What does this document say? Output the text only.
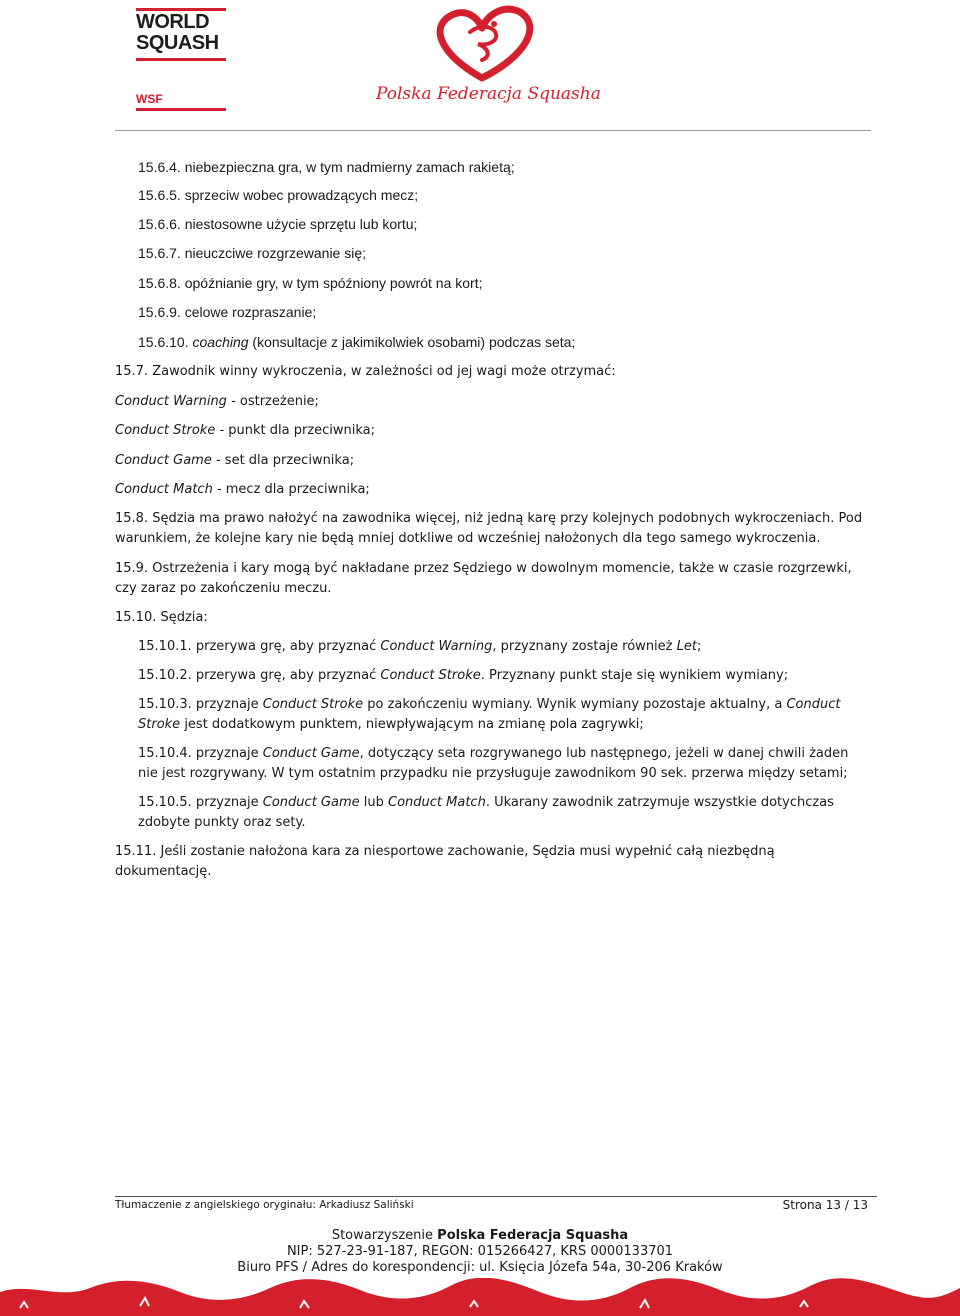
WORLD
SQUASH
WSF	Polska Federacja Squasha
15.6.4. niebezpieczna gra, w tym nadmierny zamach rakietą;
15.6.5. sprzeciw wobec prowadzących mecz;
15.6.6. niestosowne użycie sprzętu lub kortu;
15.6.7. nieuczciwe rozgrzewanie się;
15.6.8. opóźnianie gry, w tym spóźniony powrót na kort;
15.6.9. celowe rozpraszanie;
15.6.10. coaching (konsultacje z jakimikolwiek osobami) podczas seta;
15.7. Zawodnik winny wykroczenia, w zależności od jej wagi może otrzymać:
Conduct Warning - ostrzeżenie;
Conduct Stroke - punkt dla przeciwnika;
Conduct Game - set dla przeciwnika;
Conduct Match - mecz dla przeciwnika;
15.8. Sędzia ma prawo nałożyć na zawodnika więcej, niż jedną karę przy kolejnych podobnych wykroczeniach. Pod warunkiem, że kolejne kary nie będą mniej dotkliwe od wcześniej nałożonych dla tego samego wykroczenia.
15.9. Ostrzeżenia i kary mogą być nakładane przez Sędziego w dowolnym momencie, także w czasie rozgrzewki, czy zaraz po zakończeniu meczu.
15.10. Sędzia:
15.10.1. przerywa grę, aby przyznać Conduct Warning, przyznany zostaje również Let;
15.10.2. przerywa grę, aby przyznać Conduct Stroke. Przyznany punkt staje się wynikiem wymiany;
15.10.3. przyznaje Conduct Stroke po zakończeniu wymiany. Wynik wymiany pozostaje aktualny, a Conduct Stroke jest dodatkowym punktem, niewpływającym na zmianę pola zagrywki;
15.10.4. przyznaje Conduct Game, dotyczący seta rozgrywanego lub następnego, jeżeli w danej chwili żaden nie jest rozgrywany. W tym ostatnim przypadku nie przysługuje zawodnikom 90 sek. przerwa między setami;
15.10.5. przyznaje Conduct Game lub Conduct Match. Ukarany zawodnik zatrzymuje wszystkie dotychczas zdobyte punkty oraz sety.
15.11. Jeśli zostanie nałożona kara za niesportowe zachowanie, Sędzia musi wypełnić całą niezbędną dokumentację.
Tłumaczenie z angielskiego oryginału: Arkadiusz Saliński	Strona 13 / 13
Stowarzyszenie Polska Federacja Squasha
NIP: 527-23-91-187, REGON: 015266427, KRS 0000133701
Biuro PFS / Adres do korespondencji: ul. Księcia Józefa 54a, 30-206 Kraków
